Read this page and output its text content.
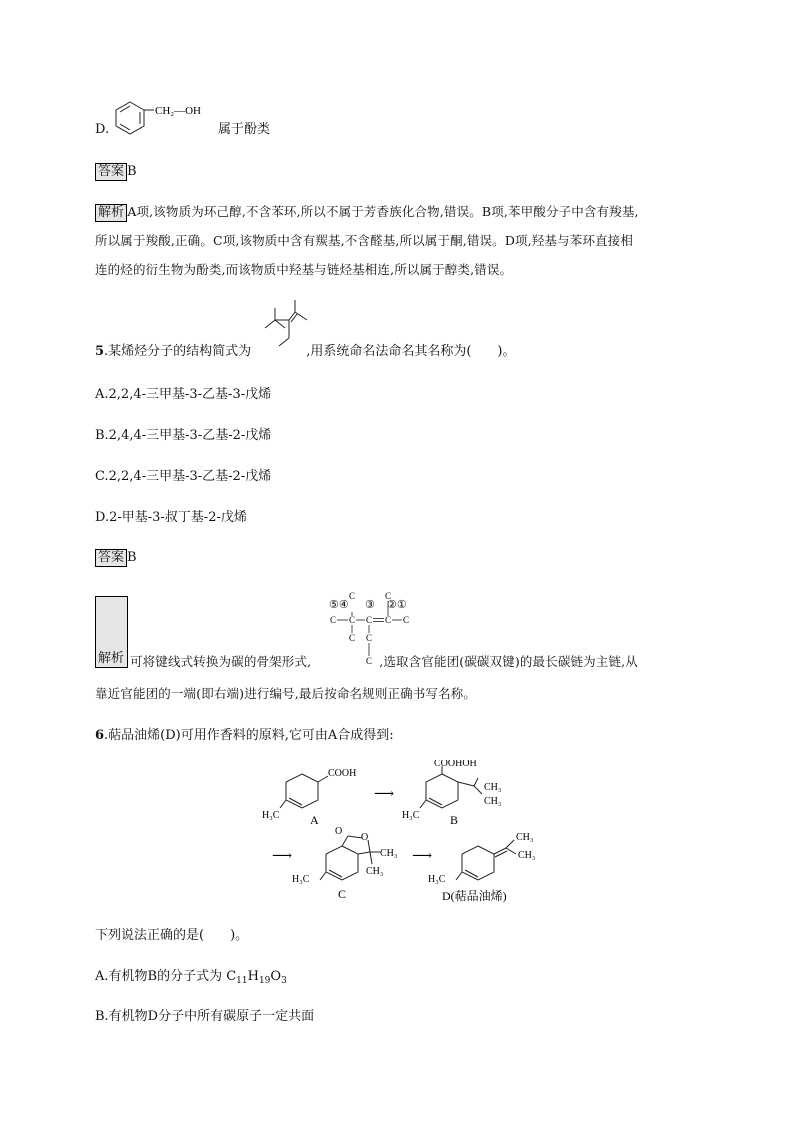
D.
CH₂—OH
属于酚类
答案 B
解析 A项,该物质为环己醇,不含苯环,所以不属于芳香族化合物,错误。B项,苯甲酸分子中含有羧基,
所以属于羧酸,正确。C项,该物质中含有羰基,不含醛基,所以属于酮,错误。D项,羟基与苯环直接相
连的烃的衍生物为酚类,而该物质中羟基与链烃基相连,所以属于醇类,错误。
5.某烯烃分子的结构简式为	,用系统命名法命名其名称为(　　)。
A.2,2,4-三甲基-3-乙基-3-戊烯
B.2,4,4-三甲基-3-乙基-2-戊烯
C.2,2,4-三甲基-3-乙基-2-戊烯
D.2-甲基-3-叔丁基-2-戊烯
答案 B
解析
⑤④ ③ ②①
C	C
C C C C C
C C
C
可将键线式转换为碳的骨架形式,	,选取含官能团(碳碳双键)的最长碳链为主链,从
靠近官能团的一端(即右端)进行编号,最后按命名规则正确书写名称。
6.萜品油烯(D)可用作香料的原料,它可由A合成得到:
COOH
H₃C	A
⟶
COOHOH
CH₃
CH₃
H₃C	B
⟶
O
O
CH₃
CH₃
H₃C
C
⟶
CH₃
CH₃
H₃C
D(萜品油烯)
下列说法正确的是(　　)。
A.有机物B的分子式为 $C_{11}H_{19}O_3$
B.有机物D分子中所有碳原子一定共面
